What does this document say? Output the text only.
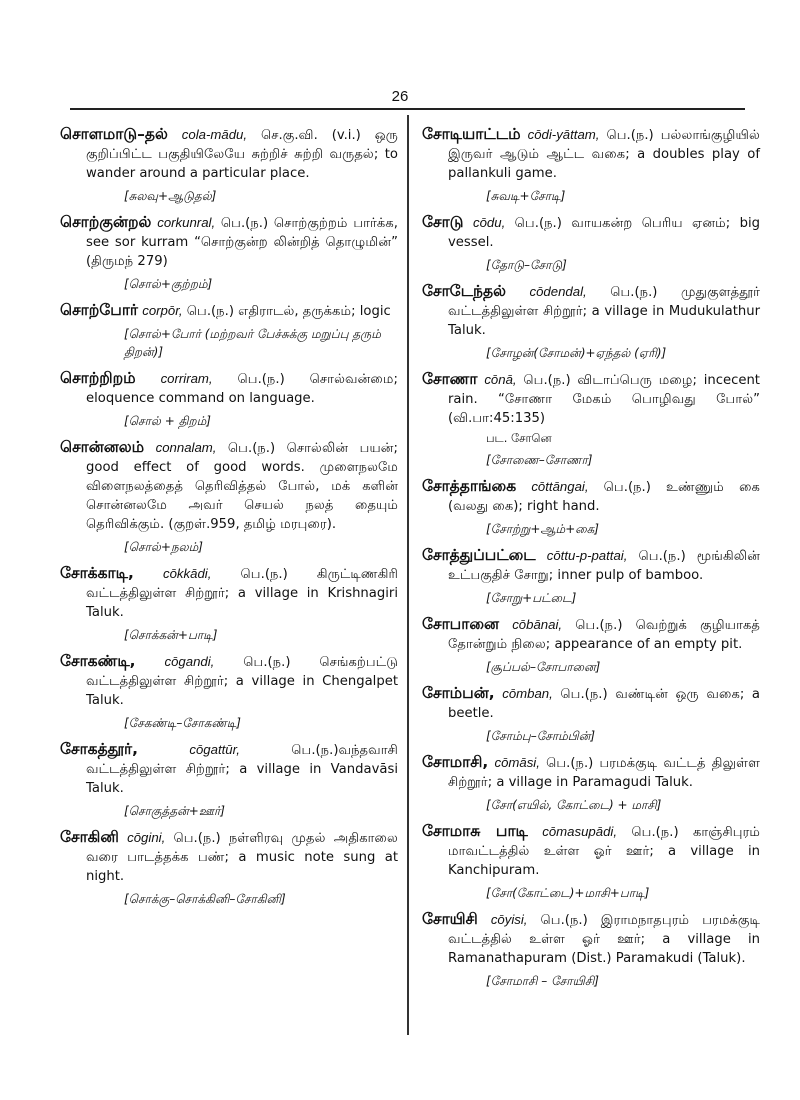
26

சொளமாடு–தல் cola-mādu, செ.கு.வி. (v.i.) ஒரு குறிப்பிட்ட பகுதியிலேயே சுற்றிச் சுற்றி வருதல்; to wander around a particular place.

[சுலவு+ஆடுதல்]

சொற்குன்றல் corkunral, பெ.(ந.) சொற்குற்றம் பார்க்க, see sor kurram “சொற்குன்ற லின்றித் தொழுமின்” (திருமந் 279)

[சொல்+குற்றம்]

சொற்போர் corpōr, பெ.(ந.) எதிராடல், தருக்கம்; logic

[சொல்+போர் (மற்றவர் பேச்சுக்கு மறுப்பு தரும் திறன்)]

சொற்றிறம் corriram, பெ.(ந.) சொல்வன்மை; eloquence command on language.

[சொல் + திறம்]

சொன்னலம் connalam, பெ.(ந.) சொல்லின் பயன்; good effect of good words. முளைநலமே விளைநலத்தைத் தெரிவித்தல் போல், மக் களின் சொன்னலமே அவர் செயல் நலத் தையும் தெரிவிக்கும். (குறள்.959, தமிழ் மரபுரை).

[சொல்+நலம்]

சோக்காடி, cōkkādi, பெ.(ந.) கிருட்டிணகிரி வட்டத்திலுள்ள சிற்றூர்; a village in Krishnagiri Taluk.

[சொக்கன்+பாடி]

சோகண்டி, cōgandi, பெ.(ந.) செங்கற்பட்டு வட்டத்திலுள்ள சிற்றூர்; a village in Chengalpet Taluk.

[சேகண்டி–சோகண்டி]

சோகத்தூர்,	cōgattūr,	பெ.(ந.)வந்தவாசி வட்டத்திலுள்ள சிற்றூர்; a village in Vandavāsi Taluk.

[சொகுத்தன்+ஊர்]

சோகினி cōgini, பெ.(ந.) நள்ளிரவு முதல் அதிகாலை வரை பாடத்தக்க பண்; a music note sung at night.

[சொக்கு–சொக்கினி–சோகினி]

சோடியாட்டம் cōdi-yāttam, பெ.(ந.) பல்லாங்குழியில் இருவர் ஆடும் ஆட்ட வகை; a doubles play of pallankuli game.

[சுவடி+சோடி]

சோடு cōdu, பெ.(ந.) வாயகன்ற பெரிய ஏனம்; big vessel.

[தோடு–சோடு]

சோடேந்தல் cōdendal, பெ.(ந.) முதுகுளத்தூர் வட்டத்திலுள்ள சிற்றூர்; a village in Mudukulathur Taluk.

[சோழன்(சோமன்)+ஏந்தல் (ஏரி)]

சோணா cōnā, பெ.(ந.) விடாப்பெரு மழை; incecent rain. “சோணா மேகம் பொழிவது போல்” (வி.பா:45:135)

பட. சோனெ
[சோணை–சோணா]

சோத்தாங்கை cōttāngai, பெ.(ந.) உண்ணும் கை (வலது கை); right hand.

[சோற்று+ஆம்+கை]

சோத்துப்பட்டை cōttu-p-pattai, பெ.(ந.) மூங்கிலின் உட்பகுதிச் சோறு; inner pulp of bamboo.

[சோறு+பட்டை]

சோபானை cōbānai, பெ.(ந.) வெற்றுக் குழியாகத் தோன்றும் நிலை; appearance of an empty pit.

[சூப்பல்–சோபானை]

சோம்பன், cōmban, பெ.(ந.) வண்டின் ஒரு வகை; a beetle.

[சோம்பு–சோம்பின்]

சோமாசி, cōmāsi, பெ.(ந.) பரமக்குடி வட்டத் திலுள்ள சிற்றூர்; a village in Paramagudi Taluk.

[சோ(எயில், கோட்டை) + மாசி]

சோமாசு பாடி cōmasupādi, பெ.(ந.) காஞ்சிபுரம் மாவட்டத்தில் உள்ள ஓர் ஊர்; a village in Kanchipuram.

[சோ(கோட்டை)+மாசி+பாடி]

சோயிசி cōyisi, பெ.(ந.) இராமநாதபுரம் பரமக்குடி வட்டத்தில் உள்ள ஓர் ஊர்; a village in Ramanathapuram (Dist.) Paramakudi (Taluk).

[சோமாசி – சோயிசி]
